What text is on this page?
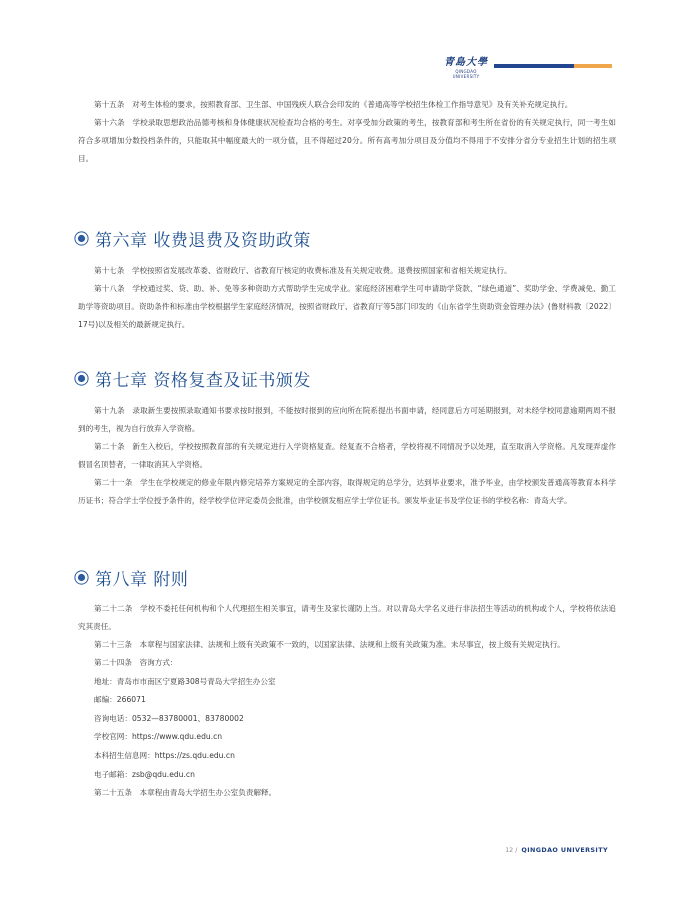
青島大學
QINGDAO UNIVERSITY

第十五条　对考生体检的要求，按照教育部、卫生部、中国残疾人联合会印发的《普通高等学校招生体检工作指导意见》及有关补充规定执行。

第十六条　学校录取思想政治品德考核和身体健康状况检查均合格的考生。对享受加分政策的考生，按教育部和考生所在省份的有关规定执行，同一考生如符合多项增加分数投档条件的，只能取其中幅度最大的一项分值，且不得超过20分。所有高考加分项目及分值均不得用于不安排分省分专业招生计划的招生项目。

第六章 收费退费及资助政策

第十七条　学校按照省发展改革委、省财政厅、省教育厅核定的收费标准及有关规定收费。退费按照国家和省相关规定执行。

第十八条　学校通过奖、贷、助、补、免等多种资助方式帮助学生完成学业。家庭经济困难学生可申请助学贷款、“绿色通道”、奖助学金、学费减免、勤工助学等资助项目。资助条件和标准由学校根据学生家庭经济情况，按照省财政厅、省教育厅等5部门印发的《山东省学生资助资金管理办法》(鲁财科教〔2022〕17号)以及相关的最新规定执行。

第七章 资格复查及证书颁发

第十九条　录取新生要按照录取通知书要求按时报到，不能按时报到的应向所在院系提出书面申请，经同意后方可延期报到，对未经学校同意逾期两周不报到的考生，视为自行放弃入学资格。

第二十条　新生入校后，学校按照教育部的有关规定进行入学资格复查。经复查不合格者，学校将视不同情况予以处理，直至取消入学资格。凡发现弄虚作假冒名顶替者，一律取消其入学资格。

第二十一条　学生在学校规定的修业年限内修完培养方案规定的全部内容，取得规定的总学分，达到毕业要求，准予毕业，由学校颁发普通高等教育本科学历证书；符合学士学位授予条件的，经学校学位评定委员会批准，由学校颁发相应学士学位证书。颁发毕业证书及学位证书的学校名称：青岛大学。

第八章 附则

第二十二条　学校不委托任何机构和个人代理招生相关事宜，请考生及家长谨防上当。对以青岛大学名义进行非法招生等活动的机构或个人，学校将依法追究其责任。

第二十三条　本章程与国家法律、法规和上级有关政策不一致的，以国家法律、法规和上级有关政策为准。未尽事宜，按上级有关规定执行。

第二十四条　咨询方式：

地址：青岛市市南区宁夏路308号青岛大学招生办公室

邮编：266071

咨询电话：0532—83780001、83780002

学校官网：https://www.qdu.edu.cn

本科招生信息网：https://zs.qdu.edu.cn

电子邮箱：zsb@qdu.edu.cn

第二十五条　本章程由青岛大学招生办公室负责解释。

12 / QINGDAO UNIVERSITY
